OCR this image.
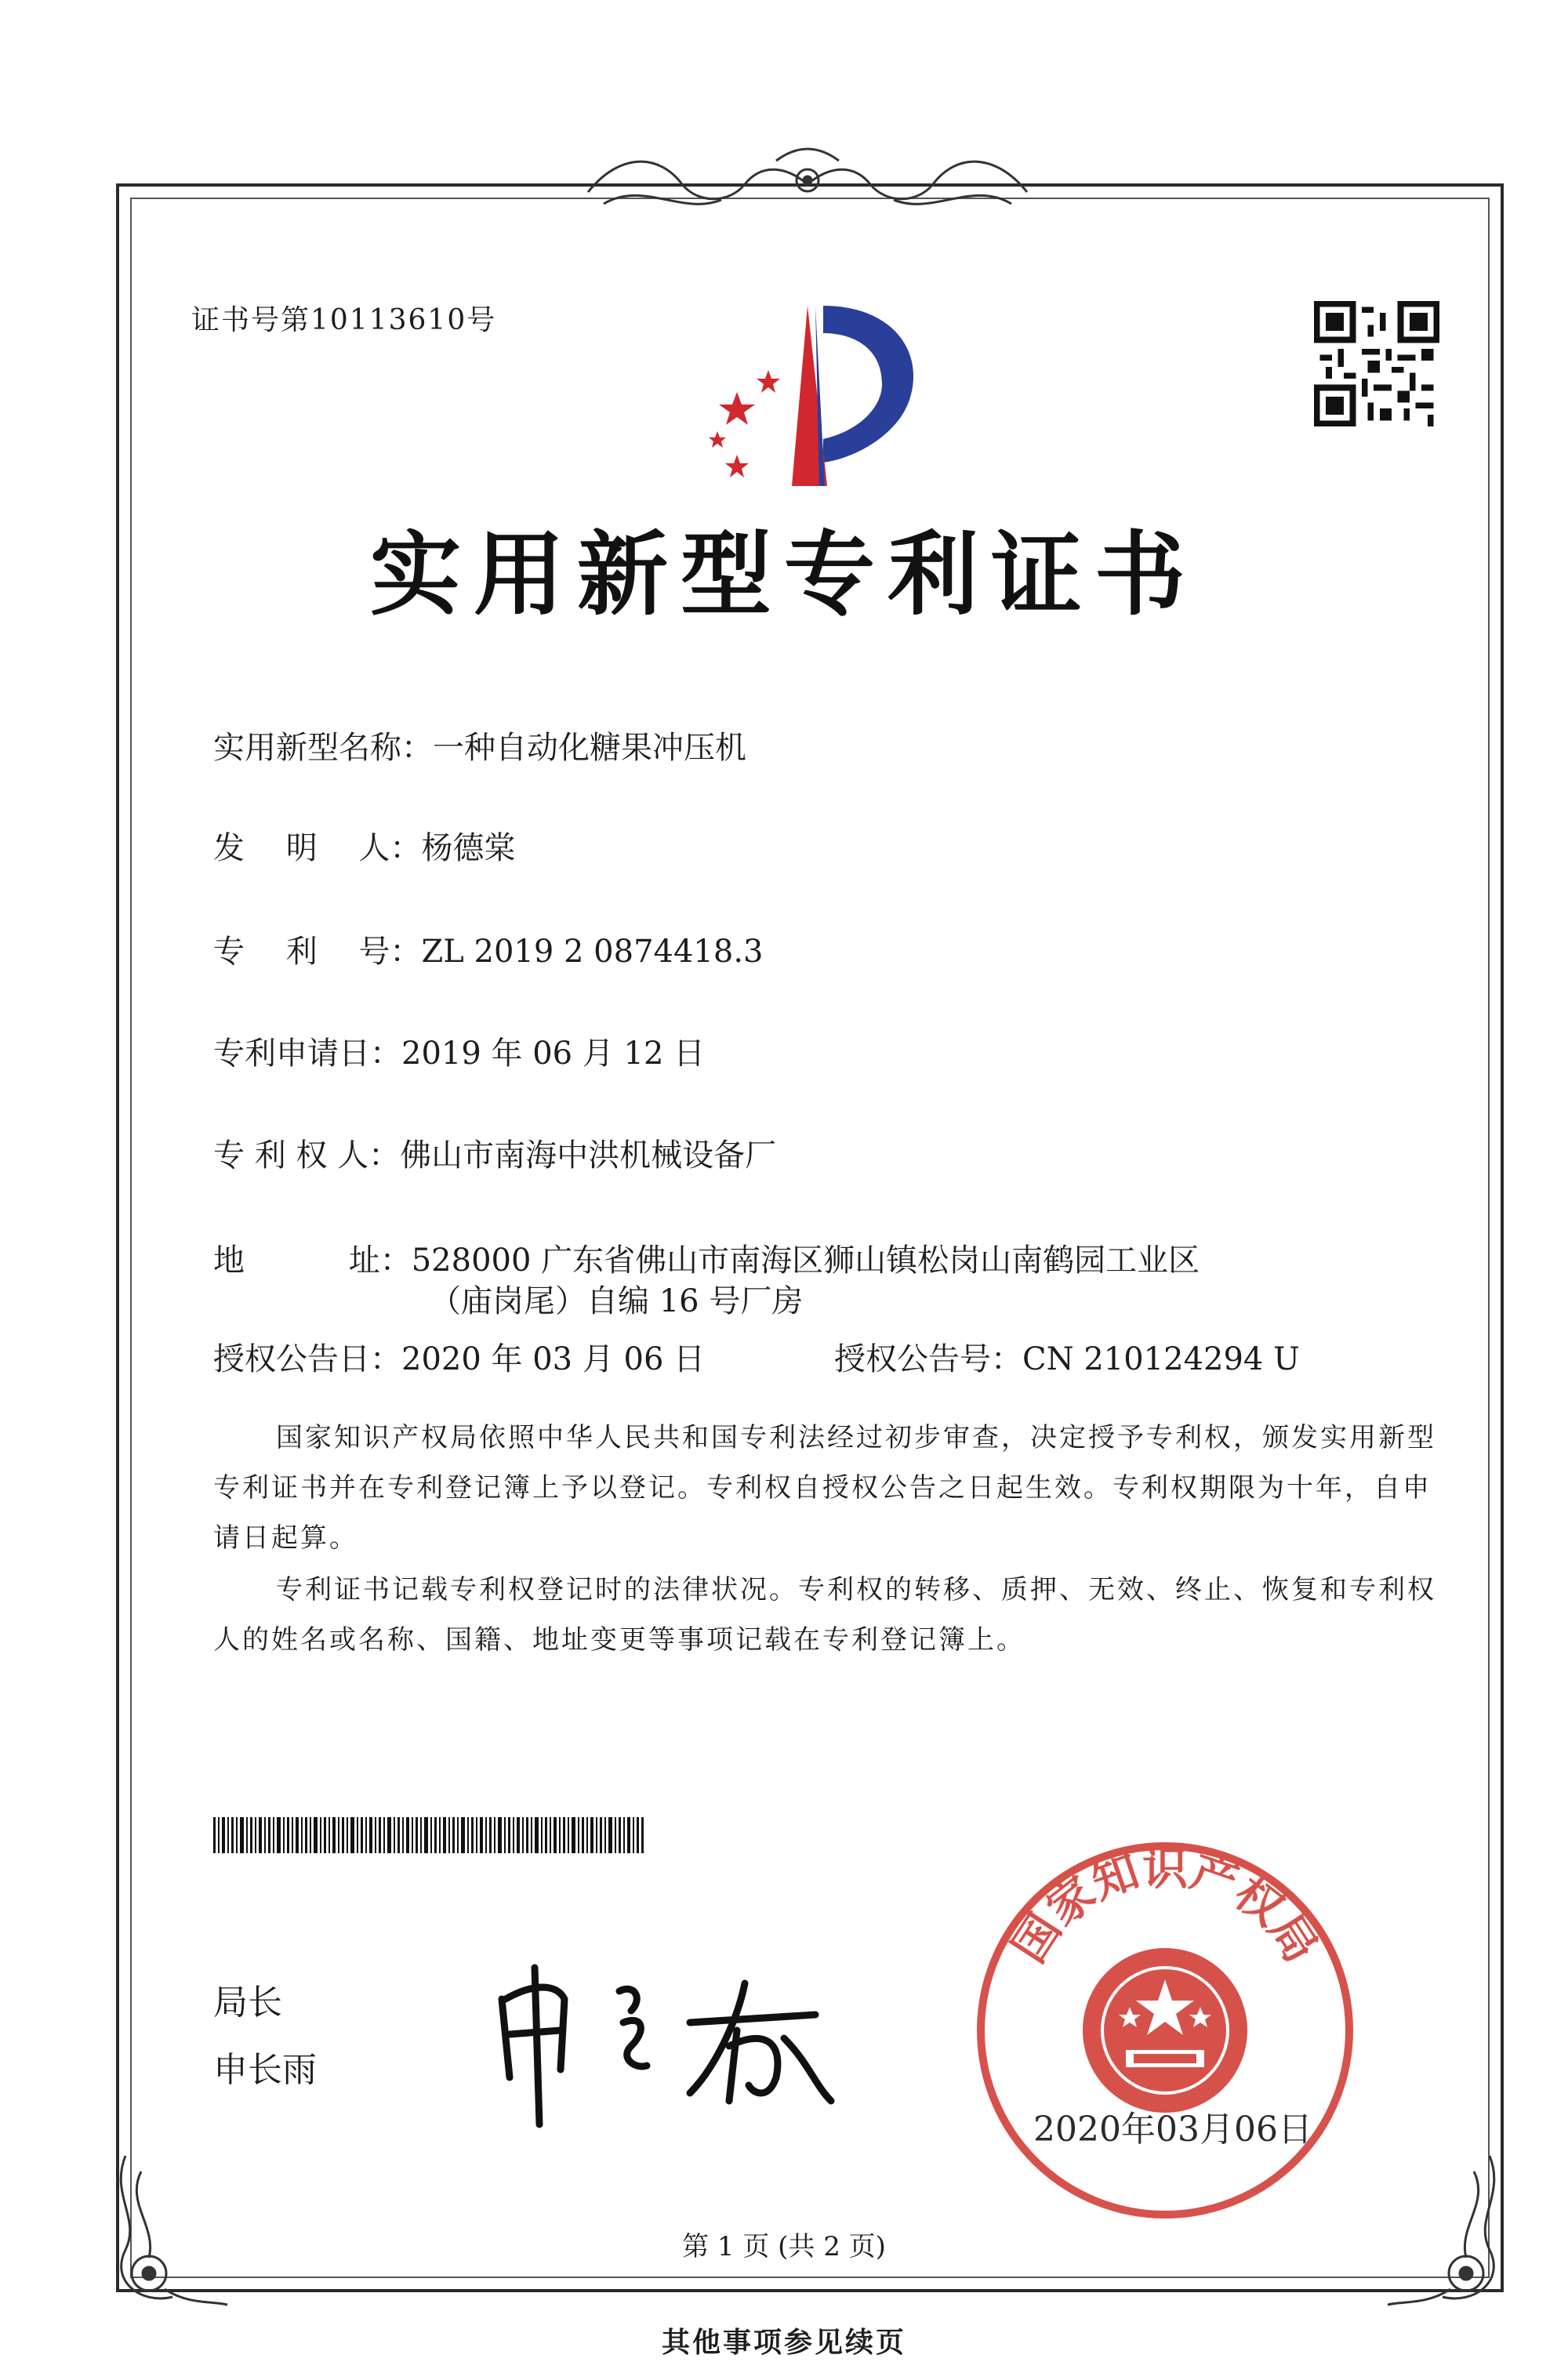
证书号第10113610号
实用新型专利证书
实用新型名称：一种自动化糖果冲压机
发　 明　 人：杨德棠
专　 利　 号：ZL 2019 2 0874418.3
专利申请日：2019 年 06 月 12 日
专 利 权 人：佛山市南海中洪机械设备厂
地　　　 址：528000 广东省佛山市南海区狮山镇松岗山南鹤园工业区
（庙岗尾）自编 16 号厂房
授权公告日：2020 年 03 月 06 日	授权公告号：CN 210124294 U
国家知识产权局依照中华人民共和国专利法经过初步审查，决定授予专利权，颁发实用新型专利证书并在专利登记簿上予以登记。专利权自授权公告之日起生效。专利权期限为十年，自申请日起算。
专利证书记载专利权登记时的法律状况。专利权的转移、质押、无效、终止、恢复和专利权人的姓名或名称、国籍、地址变更等事项记载在专利登记簿上。
局长
申长雨
国家知识产权局
2020年03月06日
第 1 页 (共 2 页)
其他事项参见续页
